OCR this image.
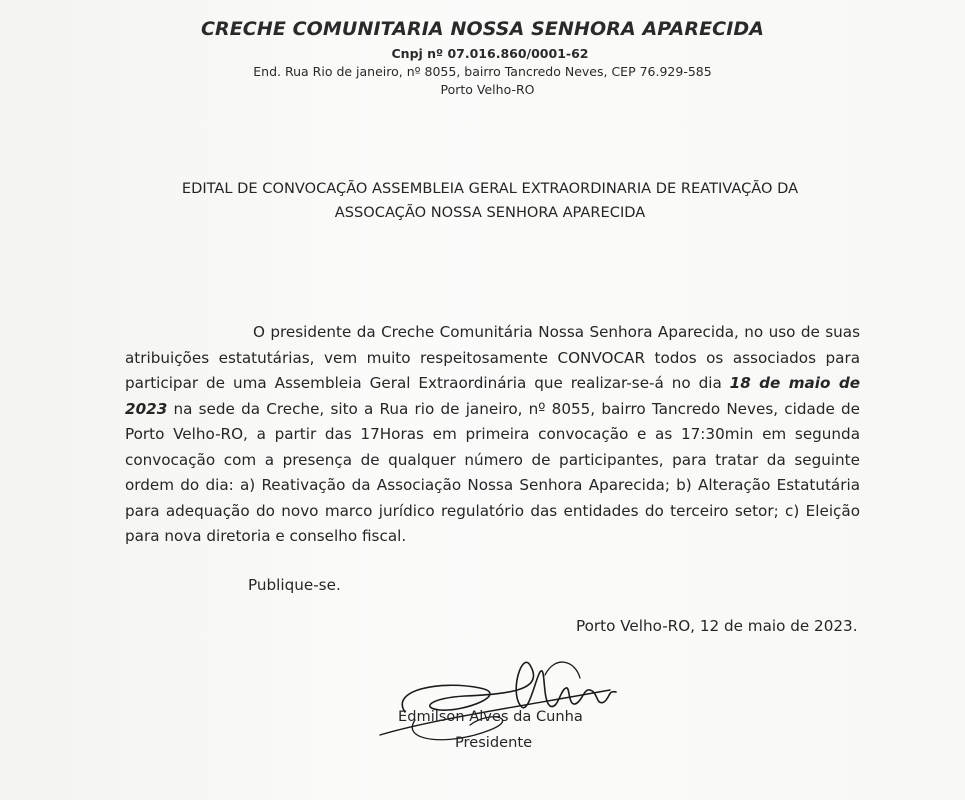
CRECHE COMUNITARIA NOSSA SENHORA APARECIDA
Cnpj nº 07.016.860/0001-62
End. Rua Rio de janeiro, nº 8055, bairro Tancredo Neves, CEP 76.929-585
Porto Velho-RO
EDITAL DE CONVOCAÇÃO ASSEMBLEIA GERAL EXTRAORDINARIA DE REATIVAÇÃO DA
ASSOCAÇÃO NOSSA SENHORA APARECIDA

O presidente da Creche Comunitária Nossa Senhora Aparecida, no uso de suas atribuições estatutárias, vem muito respeitosamente CONVOCAR todos os associados para participar de uma Assembleia Geral Extraordinária que realizar-se-á no dia 18 de maio de 2023 na sede da Creche, sito a Rua rio de janeiro, nº 8055, bairro Tancredo Neves, cidade de Porto Velho-RO, a partir das 17Horas em primeira convocação e as 17:30min em segunda convocação com a presença de qualquer número de participantes, para tratar da seguinte ordem do dia: a) Reativação da Associação Nossa Senhora Aparecida; b) Alteração Estatutária para adequação do novo marco jurídico regulatório das entidades do terceiro setor; c) Eleição para nova diretoria e conselho fiscal.

Publique-se.
Porto Velho-RO, 12 de maio de 2023.
Edmilson Alves da Cunha
Presidente
